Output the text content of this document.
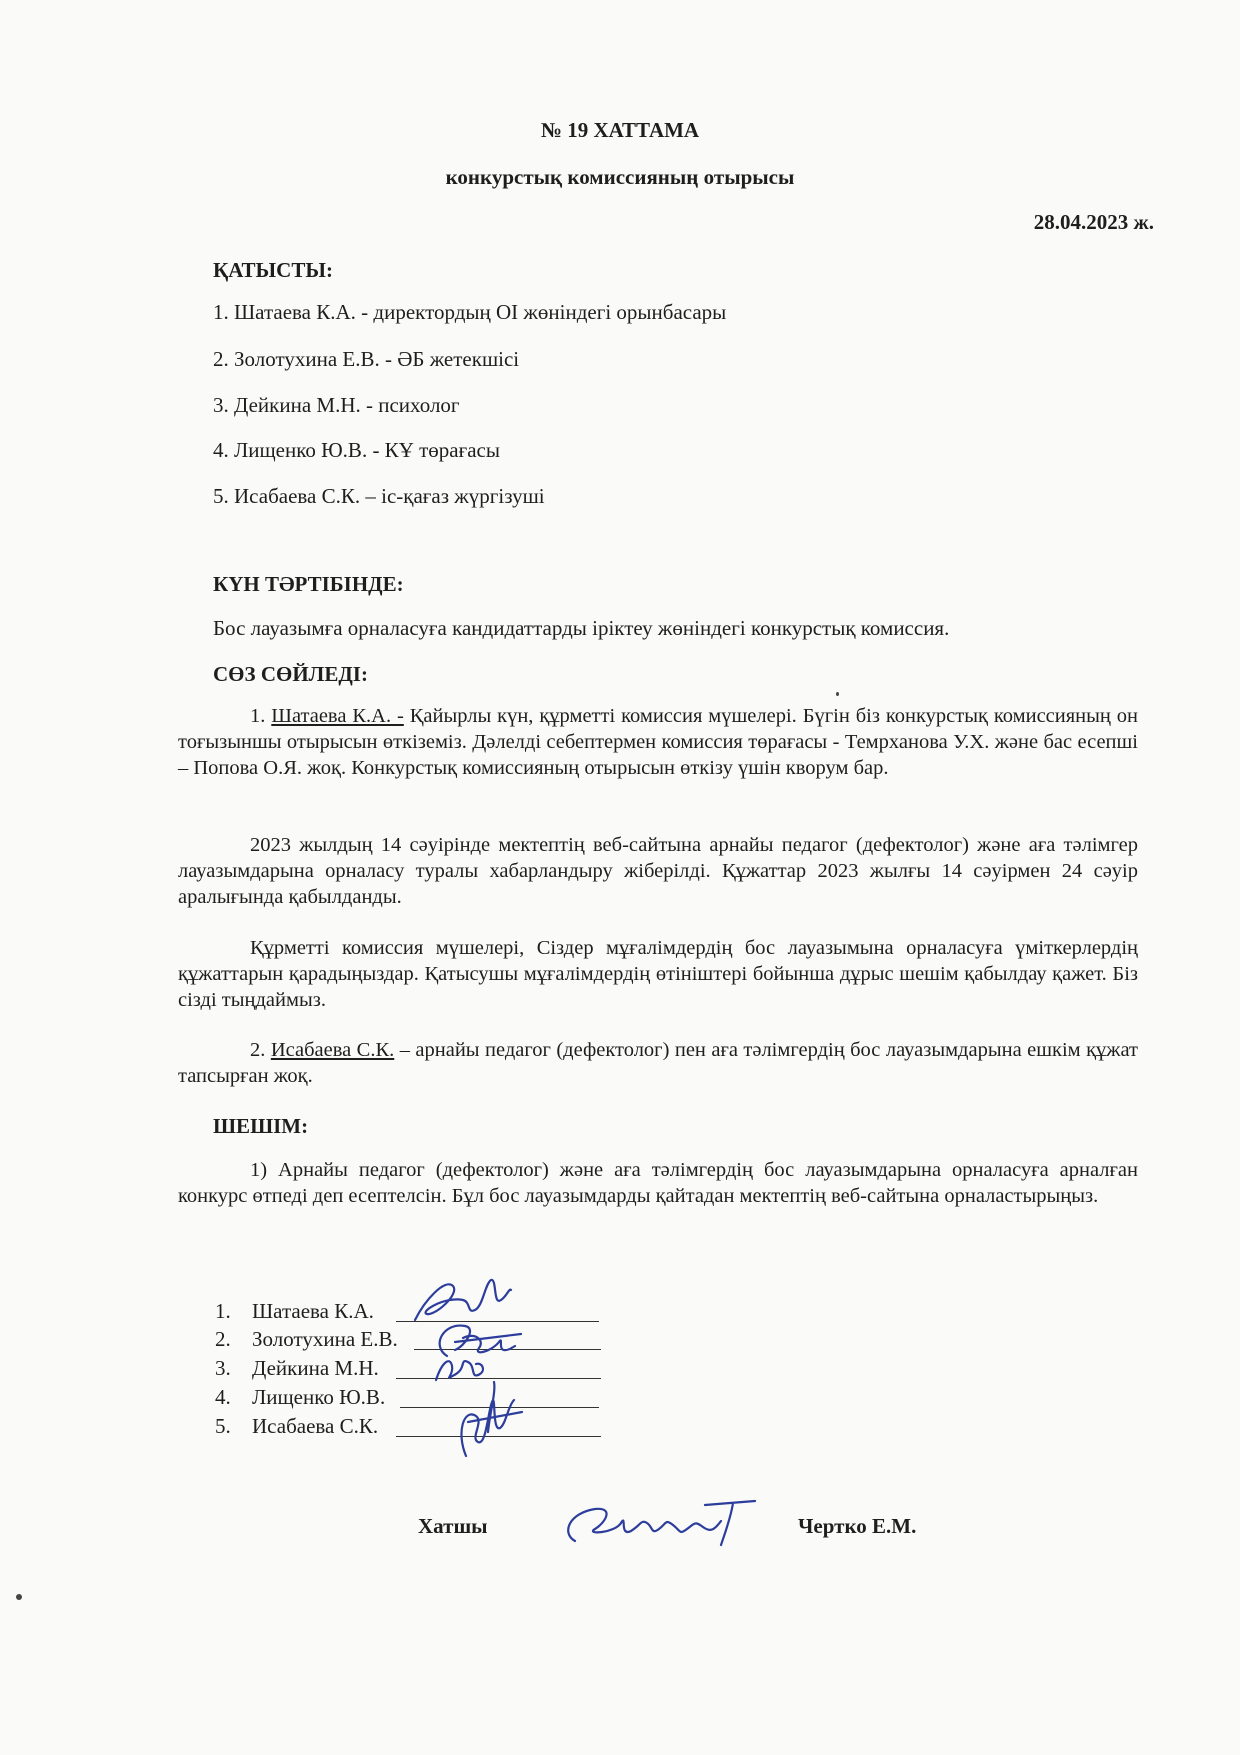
№ 19 ХАТТАМА
конкурстық комиссияның отырысы
28.04.2023 ж.
ҚАТЫСТЫ:
1. Шатаева К.А. - директордың ОІ жөніндегі орынбасары
2. Золотухина Е.В. - ӘБ жетекшісі
3. Дейкина М.Н. - психолог
4. Лищенко Ю.В. - КҰ төрағасы
5. Исабаева С.К. – іс-қағаз жүргізуші
КҮН ТӘРТІБІНДЕ:
Бос лауазымға орналасуға кандидаттарды іріктеу жөніндегі конкурстық комиссия.
СӨЗ СӨЙЛЕДІ:
1. Шатаева К.А. - Қайырлы күн, құрметті комиссия мүшелері. Бүгін біз конкурстық комиссияның он тоғызыншы отырысын өткіземіз. Дәлелді себептермен комиссия төрағасы - Темрханова У.Х. және бас есепші – Попова О.Я. жоқ. Конкурстық комиссияның отырысын өткізу үшін кворум бар.
2023 жылдың 14 сәуірінде мектептің веб-сайтына арнайы педагог (дефектолог) және аға тәлімгер лауазымдарына орналасу туралы хабарландыру жіберілді. Құжаттар 2023 жылғы 14 сәуірмен 24 сәуір аралығында қабылданды.
Құрметті комиссия мүшелері, Сіздер мұғалімдердің бос лауазымына орналасуға үміткерлердің құжаттарын қарадыңыздар. Қатысушы мұғалімдердің өтініштері бойынша дұрыс шешім қабылдау қажет. Біз сізді тыңдаймыз.
2. Исабаева С.К. – арнайы педагог (дефектолог) пен аға тәлімгердің бос лауазымдарына ешкім құжат тапсырған жоқ.
ШЕШІМ:
1) Арнайы педагог (дефектолог) және аға тәлімгердің бос лауазымдарына орналасуға арналған конкурс өтпеді деп есептелсін. Бұл бос лауазымдарды қайтадан мектептің веб-сайтына орналастырыңыз.
1. Шатаева К.А.
2. Золотухина Е.В.
3. Дейкина М.Н.
4. Лищенко Ю.В.
5. Исабаева С.К.
Хатшы	Чертко Е.М.
